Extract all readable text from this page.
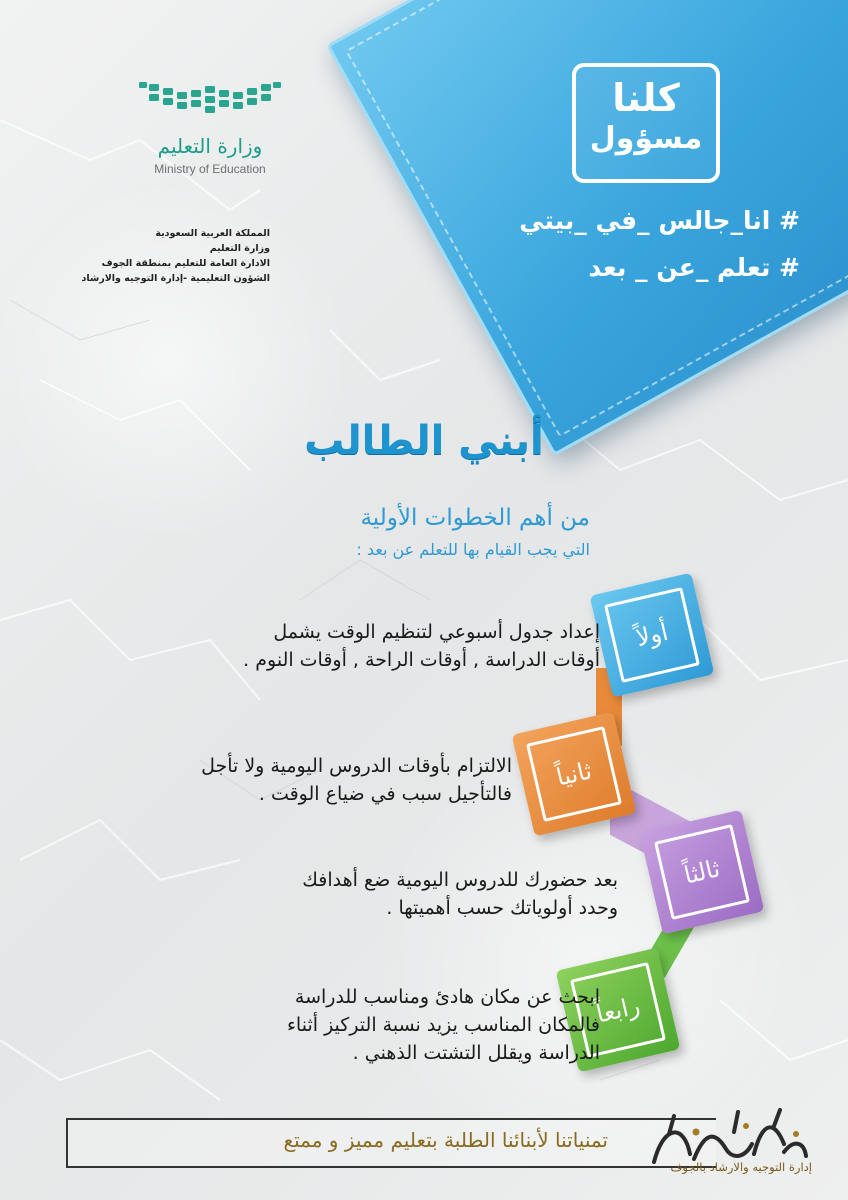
وزارة التعليم
Ministry of Education
المملكة العربية السعودية
وزارة التعليم
الادارة العامة للتعليم بمنطقة الجوف
الشؤون التعليمية -إدارة التوجيه والارشاد
كلنا
مسؤول
# انا_جالس _في _بيتي
# تعلم _عن _ بعد
أبني الطالب
من أهم الخطوات الأولية
التي يجب القيام بها للتعلم عن بعد :
أولاً
ثانياً
ثالثاً
رابعاً
إعداد جدول أسبوعي لتنظيم الوقت يشمل
أوقات الدراسة , أوقات الراحة , أوقات النوم .
الالتزام بأوقات الدروس اليومية ولا تأجل
فالتأجيل سبب في ضياع الوقت .
بعد حضورك للدروس اليومية ضع أهدافك
وحدد أولوياتك حسب أهميتها .
ابحث عن مكان هادئ ومناسب للدراسة
فالمكان المناسب يزيد نسبة التركيز أثناء
الدراسة ويقلل التشتت الذهني .
تمنياتنا لأبنائنا الطلبة بتعليم مميز و ممتع
إدارة التوجيه والارشاد بالجوف
